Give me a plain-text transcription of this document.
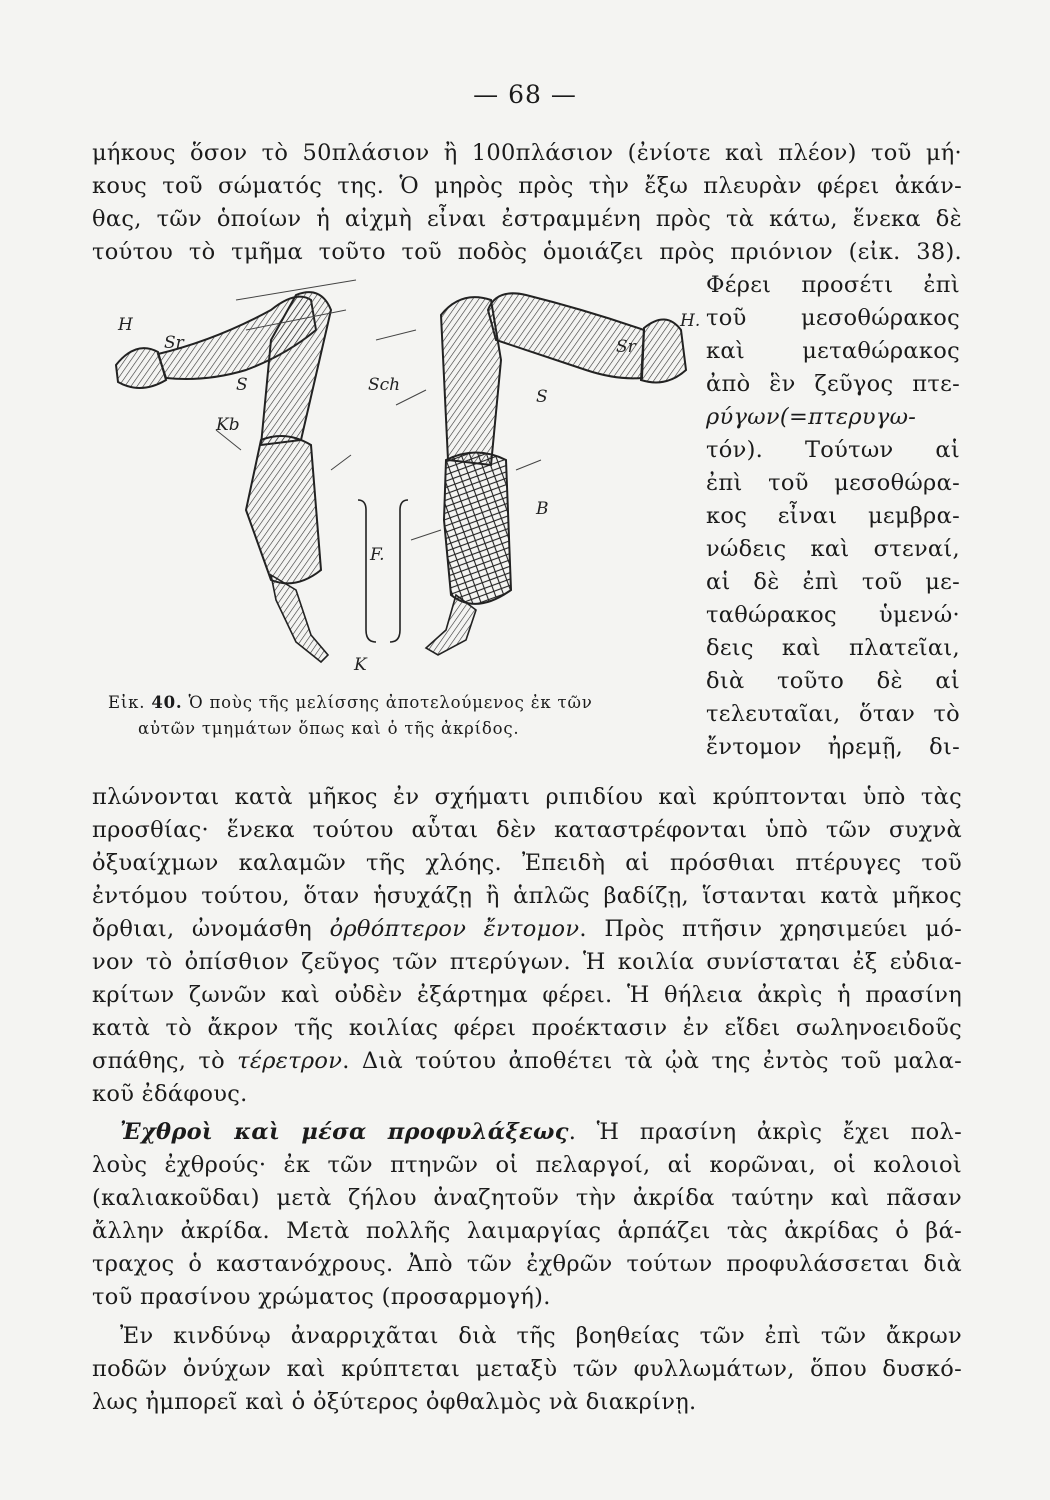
— 68 —
μήκους ὅσον τὸ 50πλάσιον ἢ 100πλάσιον (ἐνίοτε καὶ πλέον) τοῦ μή·
κους τοῦ σώματός της. Ὁ μηρὸς πρὸς τὴν ἔξω πλευρὰν φέρει ἀκάν-
θας, τῶν ὁποίων ἡ αἰχμὴ εἶναι ἐστραμμένη πρὸς τὰ κάτω, ἕνεκα δὲ
τούτου τὸ τμῆμα τοῦτο τοῦ ποδὸς ὁμοιάζει πρὸς πριόνιον (εἰκ. 38).
Φέρει προσέτι ἐπὶ
τοῦ μεσοθώρακος
καὶ μεταθώρακος
ἀπὸ ἓν ζεῦγος πτε-
ρύγων(=πτερυγω-
τόν). Τούτων αἱ
ἐπὶ τοῦ μεσοθώρα-
κος εἶναι μεμβρα-
νώδεις καὶ στεναί,
αἱ δὲ ἐπὶ τοῦ με-
ταθώρακος ὑμενώ·
δεις καὶ πλατεῖαι,
διὰ τοῦτο δὲ αἱ
τελευταῖαι, ὅταν τὸ
ἔντομον ἠρεμῇ, δι-
H
Sr
S
Kb
Sch
S
Sr
H.
B
F.
K
Εἰκ. 40. Ὁ ποὺς τῆς μελίσσης ἀποτελούμενος ἐκ τῶν
αὐτῶν τμημάτων ὅπως καὶ ὁ τῆς ἀκρίδος.
πλώνονται κατὰ μῆκος ἐν σχήματι ριπιδίου καὶ κρύπτονται ὑπὸ τὰς
προσθίας· ἕνεκα τούτου αὗται δὲν καταστρέφονται ὑπὸ τῶν συχνὰ
ὀξυαίχμων καλαμῶν τῆς χλόης. Ἐπειδὴ αἱ πρόσθιαι πτέρυγες τοῦ
ἐντόμου τούτου, ὅταν ἡσυχάζῃ ἢ ἁπλῶς βαδίζῃ, ἵστανται κατὰ μῆκος
ὄρθιαι, ὠνομάσθη ὀρθόπτερον ἔντομον. Πρὸς πτῆσιν χρησιμεύει μό-
νον τὸ ὀπίσθιον ζεῦγος τῶν πτερύγων. Ἡ κοιλία συνίσταται ἐξ εὐδια-
κρίτων ζωνῶν καὶ οὐδὲν ἐξάρτημα φέρει. Ἡ θήλεια ἀκρὶς ἡ πρασίνη
κατὰ τὸ ἄκρον τῆς κοιλίας φέρει προέκτασιν ἐν εἴδει σωληνοειδοῦς
σπάθης, τὸ τέρετρον. Διὰ τούτου ἀποθέτει τὰ ᾠὰ της ἐντὸς τοῦ μαλα-
κοῦ ἐδάφους.
Ἐχθροὶ καὶ μέσα προφυλάξεως. Ἡ πρασίνη ἀκρὶς ἔχει πολ-
λοὺς ἐχθρούς· ἐκ τῶν πτηνῶν οἱ πελαργοί, αἱ κορῶναι, οἱ κολοιοὶ
(καλιακοῦδαι) μετὰ ζήλου ἀναζητοῦν τὴν ἀκρίδα ταύτην καὶ πᾶσαν
ἄλλην ἀκρίδα. Μετὰ πολλῆς λαιμαργίας ἁρπάζει τὰς ἀκρίδας ὁ βά-
τραχος ὁ καστανόχρους. Ἀπὸ τῶν ἐχθρῶν τούτων προφυλάσσεται διὰ
τοῦ πρασίνου χρώματος (προσαρμογή).
Ἐν κινδύνῳ ἀναρριχᾶται διὰ τῆς βοηθείας τῶν ἐπὶ τῶν ἄκρων
ποδῶν ὀνύχων καὶ κρύπτεται μεταξὺ τῶν φυλλωμάτων, ὅπου δυσκό-
λως ἠμπορεῖ καὶ ὁ ὀξύτερος ὀφθαλμὸς νὰ διακρίνῃ.
